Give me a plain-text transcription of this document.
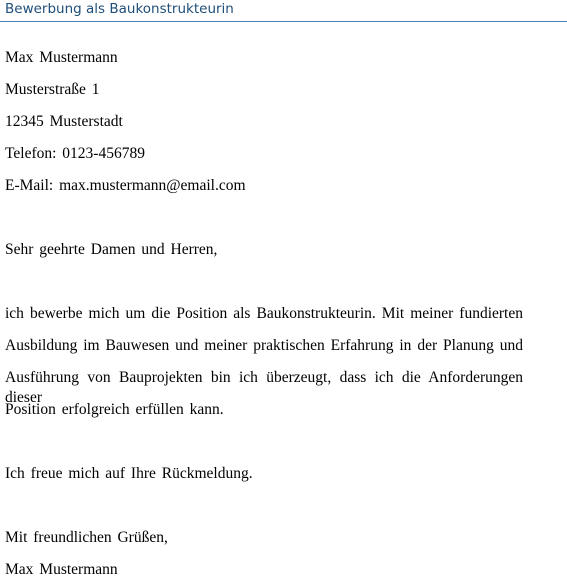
Bewerbung als Baukonstrukteurin
Max Mustermann
Musterstraße 1
12345 Musterstadt
Telefon: 0123-456789
E-Mail: max.mustermann@email.com
Sehr geehrte Damen und Herren,
ich bewerbe mich um die Position als Baukonstrukteurin. Mit meiner fundierten
Ausbildung im Bauwesen und meiner praktischen Erfahrung in der Planung und
Ausführung von Bauprojekten bin ich überzeugt, dass ich die Anforderungen dieser
Position erfolgreich erfüllen kann.
Ich freue mich auf Ihre Rückmeldung.
Mit freundlichen Grüßen,
Max Mustermann
